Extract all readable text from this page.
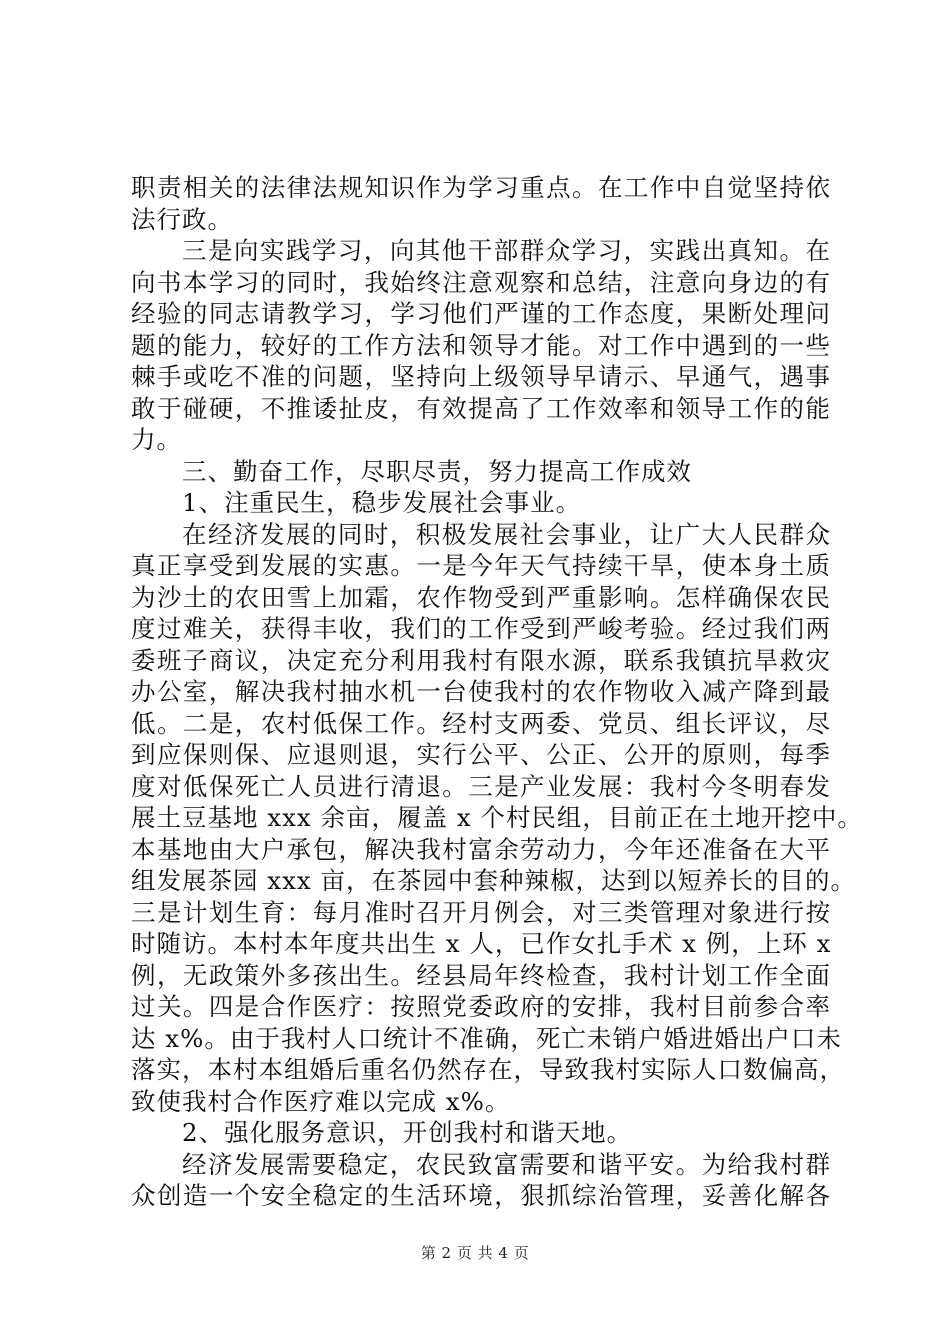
职责相关的法律法规知识作为学习重点。在工作中自觉坚持依
法行政。
三是向实践学习，向其他干部群众学习，实践出真知。在
向书本学习的同时，我始终注意观察和总结，注意向身边的有
经验的同志请教学习，学习他们严谨的工作态度，果断处理问
题的能力，较好的工作方法和领导才能。对工作中遇到的一些
棘手或吃不准的问题，坚持向上级领导早请示、早通气，遇事
敢于碰硬，不推诿扯皮，有效提高了工作效率和领导工作的能
力。
三、勤奋工作，尽职尽责，努力提高工作成效
1、注重民生，稳步发展社会事业。
在经济发展的同时，积极发展社会事业，让广大人民群众
真正享受到发展的实惠。一是今年天气持续干旱，使本身土质
为沙土的农田雪上加霜，农作物受到严重影响。怎样确保农民
度过难关，获得丰收，我们的工作受到严峻考验。经过我们两
委班子商议，决定充分利用我村有限水源，联系我镇抗旱救灾
办公室，解决我村抽水机一台使我村的农作物收入减产降到最
低。二是，农村低保工作。经村支两委、党员、组长评议，尽
到应保则保、应退则退，实行公平、公正、公开的原则，每季
度对低保死亡人员进行清退。三是产业发展：我村今冬明春发
展土豆基地 xxx 余亩，履盖 x 个村民组，目前正在土地开挖中。
本基地由大户承包，解决我村富余劳动力，今年还准备在大平
组发展茶园 xxx 亩，在茶园中套种辣椒，达到以短养长的目的。
三是计划生育：每月准时召开月例会，对三类管理对象进行按
时随访。本村本年度共出生 x 人，已作女扎手术 x 例，上环 x
例，无政策外多孩出生。经县局年终检查，我村计划工作全面
过关。四是合作医疗：按照党委政府的安排，我村目前参合率
达 x%。由于我村人口统计不准确，死亡未销户婚进婚出户口未
落实，本村本组婚后重名仍然存在，导致我村实际人口数偏高，
致使我村合作医疗难以完成 x%。
2、强化服务意识，开创我村和谐天地。
经济发展需要稳定，农民致富需要和谐平安。为给我村群
众创造一个安全稳定的生活环境，狠抓综治管理，妥善化解各
第 2 页 共 4 页
